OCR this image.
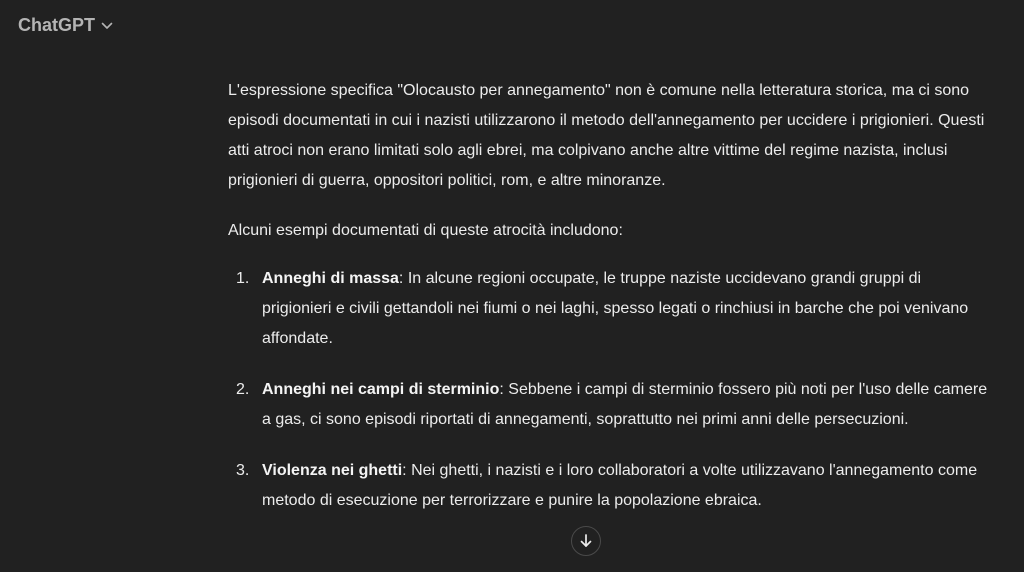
ChatGPT

L'espressione specifica "Olocausto per annegamento" non è comune nella letteratura storica, ma ci sono episodi documentati in cui i nazisti utilizzarono il metodo dell'annegamento per uccidere i prigionieri. Questi atti atroci non erano limitati solo agli ebrei, ma colpivano anche altre vittime del regime nazista, inclusi prigionieri di guerra, oppositori politici, rom, e altre minoranze.

Alcuni esempi documentati di queste atrocità includono:

1. Anneghi di massa: In alcune regioni occupate, le truppe naziste uccidevano grandi gruppi di prigionieri e civili gettandoli nei fiumi o nei laghi, spesso legati o rinchiusi in barche che poi venivano affondate.
2. Anneghi nei campi di sterminio: Sebbene i campi di sterminio fossero più noti per l'uso delle camere a gas, ci sono episodi riportati di annegamenti, soprattutto nei primi anni delle persecuzioni.
3. Violenza nei ghetti: Nei ghetti, i nazisti e i loro collaboratori a volte utilizzavano l'annegamento come metodo di esecuzione per terrorizzare e punire la popolazione ebraica.
